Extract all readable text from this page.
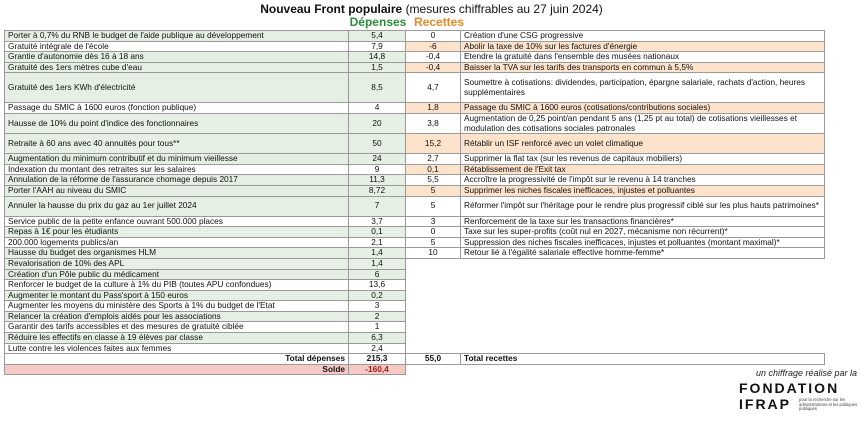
Nouveau Front populaire (mesures chiffrables au 27 juin 2024)
Dépenses Recettes
Porter à 0,7% du RNB le budget de l'aide publique au développement	5,4	0	Création d'une CSG progressive
Gratuité intégrale de l'école	7,9	-6	Abolir la taxe de 10% sur les factures d'énergie
Grantie d'autonomie dès 16 à 18 ans	14,8	-0,4	Etendre la gratuité dans l'ensemble des musées nationaux
Gratuité des 1ers mètres cube d'eau	1,5	-0,4	Baisser la TVA sur les tarifs des transports en commun à 5,5%
Gratuité des 1ers KWh d'électricité	8,5	4,7	Soumettre à cotisations: dividendes, participation, épargne salariale, rachats d'action, heures supplémentaires
Passage du SMIC à 1600 euros (fonction publique)	4	1,8	Passage du SMIC à 1600 euros (cotisations/contributions sociales)
Hausse de 10% du point d'indice des fonctionnaires	20	3,8	Augmentation de 0,25 point/an pendant 5 ans (1,25 pt au total) de cotisations vieillesses et modulation des cotisations sociales patronales
Retraite à 60 ans avec 40 annuités pour tous**	50	15,2	Rétablir un ISF renforcé avec un volet climatique
Augmentation du minimum contributif et du minimum vieillesse	24	2,7	Supprimer la flat tax (sur les revenus de capitaux mobiliers)
Indexation du montant des retraites sur les salaires	9	0,1	Rétablissement de l'Exit tax
Annulation de la réforme de l'assurance chomage depuis 2017	11,3	5,5	Accroître la progressivité de l'impôt sur le revenu à 14 tranches
Porter l'AAH au niveau du SMIC	8,72	5	Supprimer les niches fiscales inefficaces, injustes et polluantes
Annuler la hausse du prix du gaz au 1er juillet 2024	7	5	Réformer l'impôt sur l'héritage pour le rendre plus progressif ciblé sur les plus hauts patrimoines*
Service public de la petite enfance ouvrant 500.000 places	3,7	3	Renforcement de la taxe sur les transactions financières*
Repas à 1€ pour les étudiants	0,1	0	Taxe sur les super-profits (coût nul en 2027, mécanisme non récurrent)*
200.000 logements publics/an	2,1	5	Suppression des niches fiscales inefficaces, injustes et polluantes (montant maximal)*
Hausse du budget des organismes HLM	1,4	10	Retour lié à l'égalité salariale effective homme-femme*
Revalorisation de 10% des APL	1,4		
Création d'un Pôle public du médicament	6		
Renforcer le budget de la culture à 1% du PIB (toutes APU confondues)	13,6		
Augmenter le montant du Pass'sport à 150 euros	0,2		
Augmenter les moyens du ministère des Sports à 1% du budget de l'Etat	3		
Relancer la création d'emplois aidés pour les associations	2		
Garantir des tarifs accessibles et des mesures de gratuité ciblée	1		
Réduire les effectifs en classe à 19 élèves par classe	6,3		
Lutte contre les violences faites aux femmes	2,4		
Total dépenses	215,3	55,0	Total recettes
Solde	-160,4			un chiffrage réalisé par la
FONDATION
IFRAP pour la recherche sur les administrations et les politiques publiques
